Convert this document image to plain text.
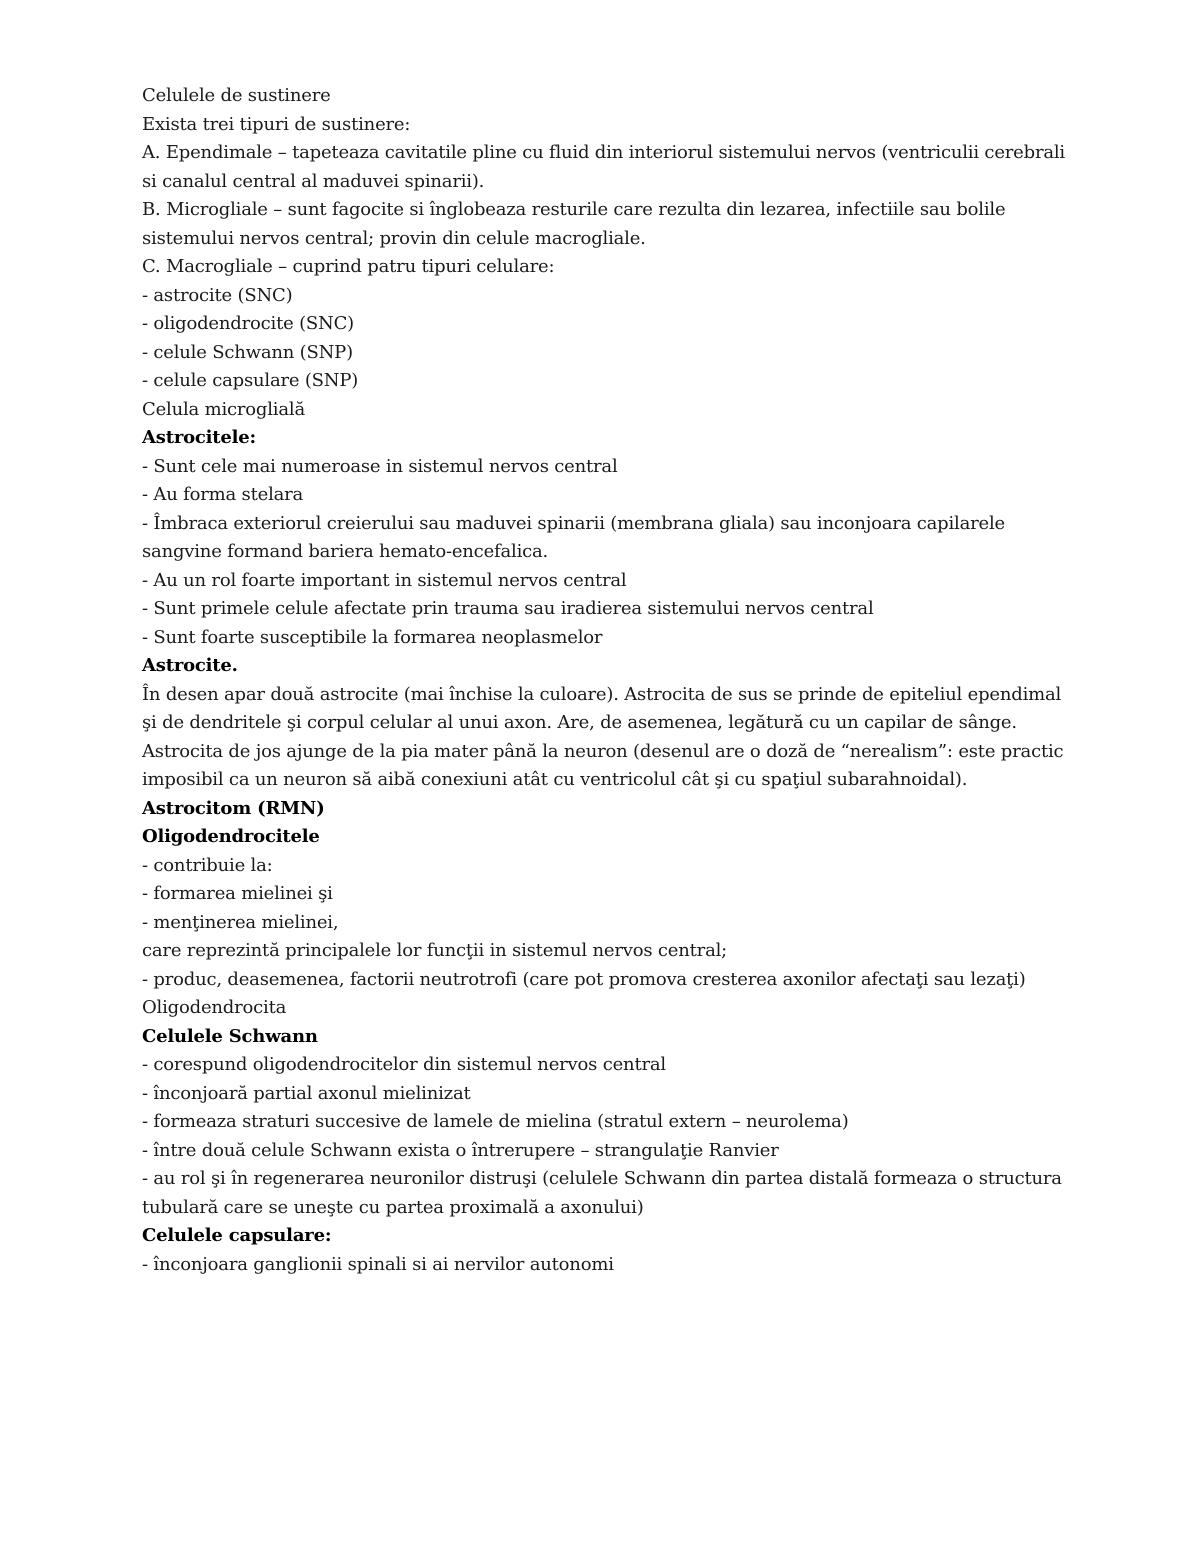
Celulele de sustinere
Exista trei tipuri de sustinere:
A. Ependimale – tapeteaza cavitatile pline cu fluid din interiorul sistemului nervos (ventriculii cerebrali si canalul central al maduvei spinarii).
B. Microgliale – sunt fagocite si înglobeaza resturile care rezulta din lezarea, infectiile sau bolile sistemului nervos central; provin din celule macrogliale.
C. Macrogliale – cuprind patru tipuri celulare:
- astrocite (SNC)
- oligodendrocite (SNC)
- celule Schwann (SNP)
- celule capsulare (SNP)
Celula microglială
Astrocitele:
- Sunt cele mai numeroase in sistemul nervos central
- Au forma stelara
- Îmbraca exteriorul creierului sau maduvei spinarii (membrana gliala) sau inconjoara capilarele sangvine formand bariera hemato-encefalica.
- Au un rol foarte important in sistemul nervos central
- Sunt primele celule afectate prin trauma sau iradierea sistemului nervos central
- Sunt foarte susceptibile la formarea neoplasmelor
Astrocite.
În desen apar două astrocite (mai închise la culoare). Astrocita de sus se prinde de epiteliul ependimal şi de dendritele şi corpul celular al unui axon. Are, de asemenea, legătură cu un capilar de sânge.
Astrocita de jos ajunge de la pia mater până la neuron (desenul are o doză de “nerealism”: este practic imposibil ca un neuron să aibă conexiuni atât cu ventricolul cât şi cu spaţiul subarahnoidal).
Astrocitom (RMN)
Oligodendrocitele
- contribuie la:
- formarea mielinei şi
- menţinerea mielinei,
care reprezintă principalele lor funcţii in sistemul nervos central;
- produc, deasemenea, factorii neutrotrofi (care pot promova cresterea axonilor afectaţi sau lezaţi)
Oligodendrocita
Celulele Schwann
- corespund oligodendrocitelor din sistemul nervos central
- înconjoară partial axonul mielinizat
- formeaza straturi succesive de lamele de mielina (stratul extern – neurolema)
- între două celule Schwann exista o întrerupere – strangulaţie Ranvier
- au rol şi în regenerarea neuronilor distruşi (celulele Schwann din partea distală formeaza o structura tubulară care se uneşte cu partea proximală a axonului)
Celulele capsulare:
- înconjoara ganglionii spinali si ai nervilor autonomi
